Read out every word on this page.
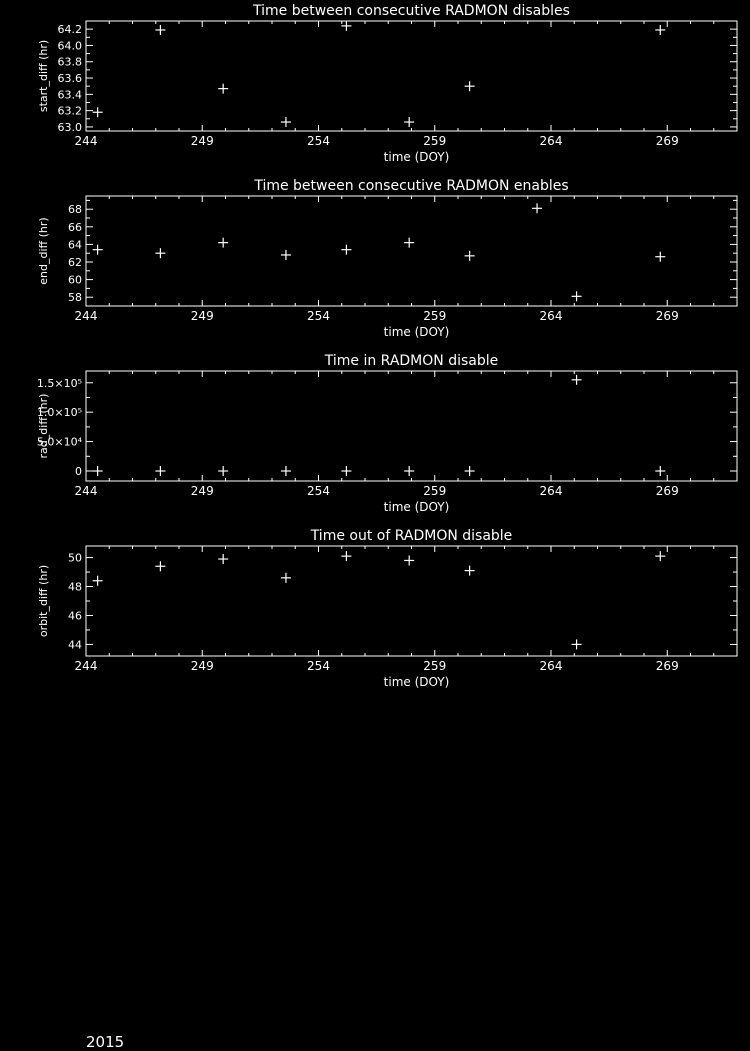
Time between consecutive RADMON disables
244	249	254	259	264	269
time (DOY)
63.0
63.2
63.4
63.6
63.8
64.0
64.2
start_diff (hr)
Time between consecutive RADMON enables
244	249	254	259	264	269
time (DOY)
58
60
62
64
66
68
end_diff (hr)
Time in RADMON disable
244	249	254	259	264	269
time (DOY)
0
5.0×10⁴
1.0×10⁵
1.5×10⁵
rad_diff (hr)
Time out of RADMON disable
244	249	254	259	264	269
time (DOY)
44
46
48
50
orbit_diff (hr)
2015
